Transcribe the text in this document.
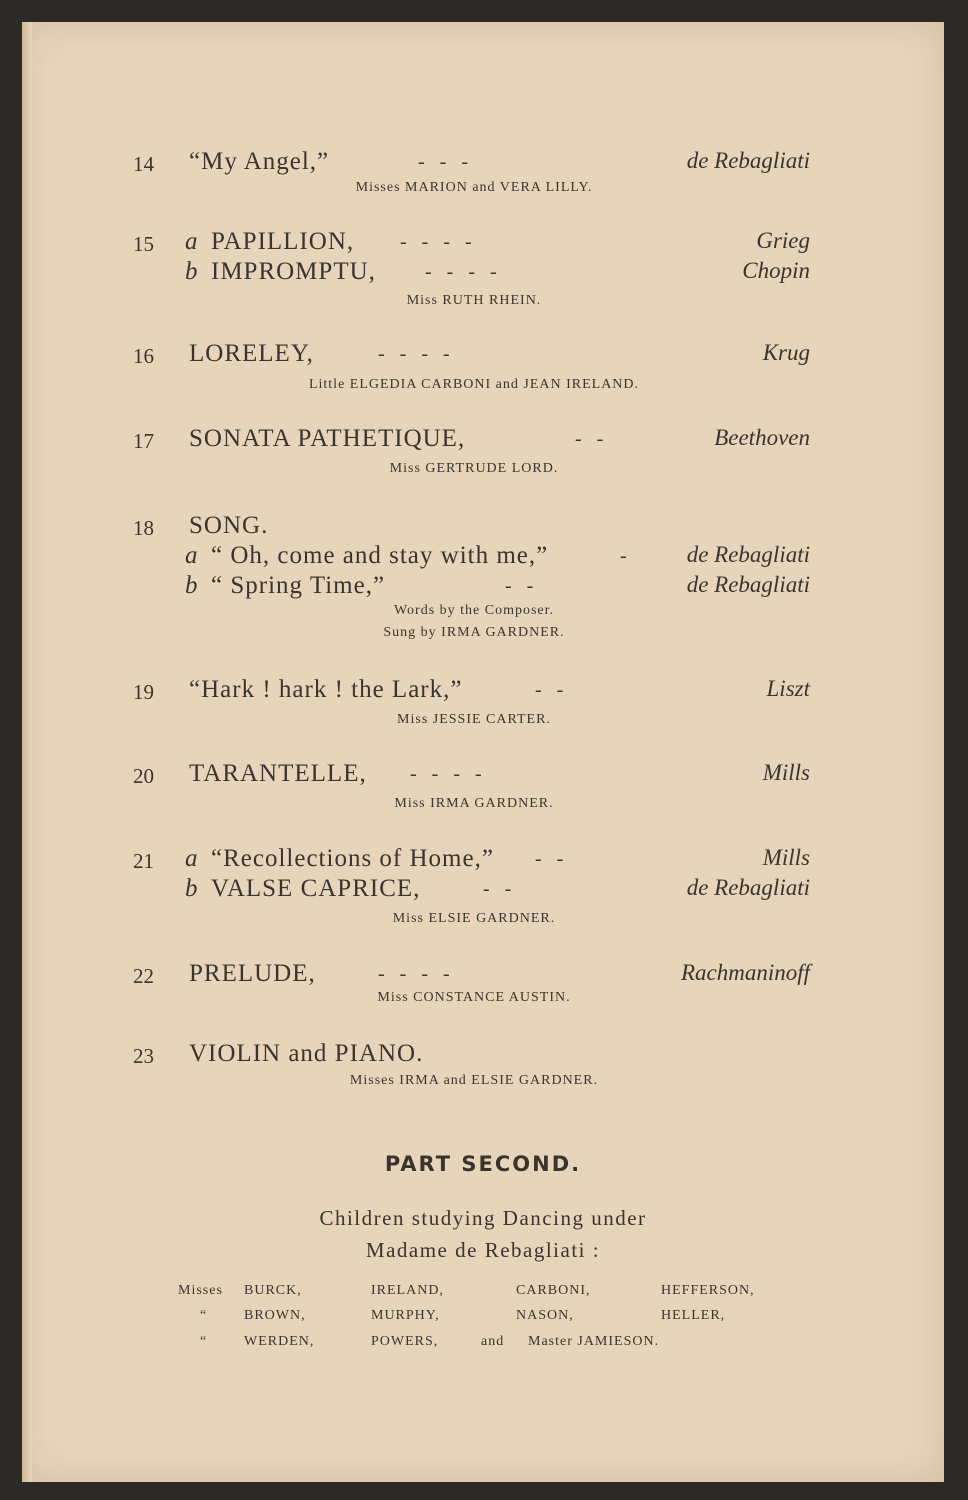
14 “My Angel,”	-   -   -	de Rebagliati
Misses MARION and VERA LILLY.
15 a PAPILLION, -   -   -   -	Grieg
b IMPROMPTU, -   -   -   -	Chopin
Miss RUTH RHEIN.
16 LORELEY,	-   -   -   -	Krug
Little ELGEDIA CARBONI and JEAN IRELAND.
17 SONATA PATHETIQUE,	-   -	Beethoven
Miss GERTRUDE LORD.
18 SONG.
a “ Oh, come and stay with me,”	-	de Rebagliati
b “ Spring Time,”	-   -	de Rebagliati
Words by the Composer.
Sung by IRMA GARDNER.
19 “Hark ! hark ! the Lark,”	-   -	Liszt
Miss JESSIE CARTER.
20 TARANTELLE, -   -   -   -	Mills
Miss IRMA GARDNER.
21 a “Recollections of Home,” -   -	Mills
b VALSE CAPRICE,	-   -	de Rebagliati
Miss ELSIE GARDNER.
22 PRELUDE,	-   -   -   -	Rachmaninoff
Miss CONSTANCE AUSTIN.
23 VIOLIN and PIANO.
Misses IRMA and ELSIE GARDNER.
PART SECOND.
Children studying Dancing under
Madame de Rebagliati :
Misses BURCK,	IRELAND,	CARBONI,	HEFFERSON,
“	BROWN,	MURPHY,	NASON,	HELLER,
“	WERDEN,	POWERS,	and Master JAMIESON.
